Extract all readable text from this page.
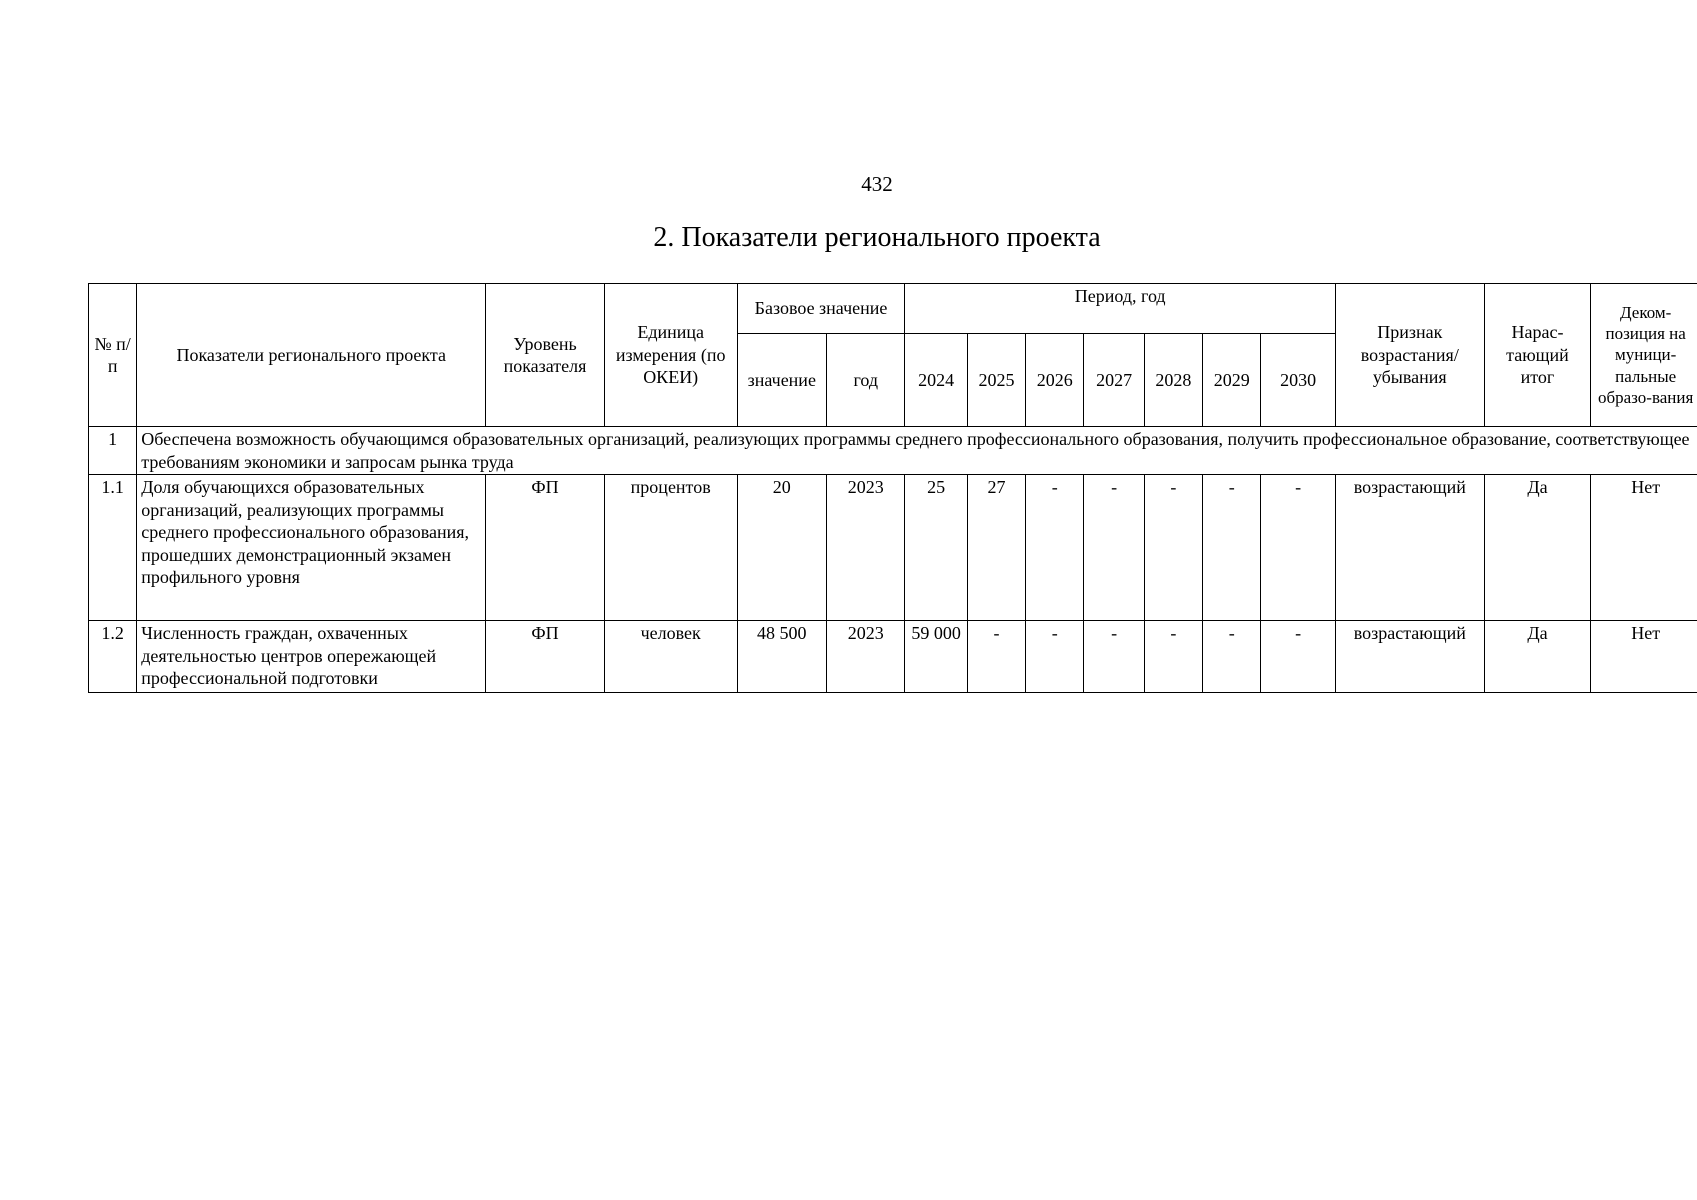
432
2. Показатели регионального проекта
№ п/п	Показатели регионального проекта	Уровень показателя	Единица измерения (по ОКЕИ)	Базовое значение		Период, год							Признак возрастания/ убывания	Нарас-тающий итог	Деком-позиция на муници-пальные образо-вания
				значение	год	2024	2025	2026	2027	2028	2029	2030			
1	Обеспечена возможность обучающимся образовательных организаций, реализующих программы среднего профессионального образования, получить профессиональное образование, соответствующее требованиям экономики и запросам рынка труда														
1.1	Доля обучающихся образовательных организаций, реализующих программы среднего профессионального образования, прошедших демонстрационный экзамен профильного уровня	ФП	процентов	20	2023	25	27	-	-	-	-	-	возрастающий	Да	Нет
1.2	Численность граждан, охваченных деятельностью центров опережающей профессиональной подготовки	ФП	человек	48 500	2023	59 000	-	-	-	-	-	-	возрастающий	Да	Нет
